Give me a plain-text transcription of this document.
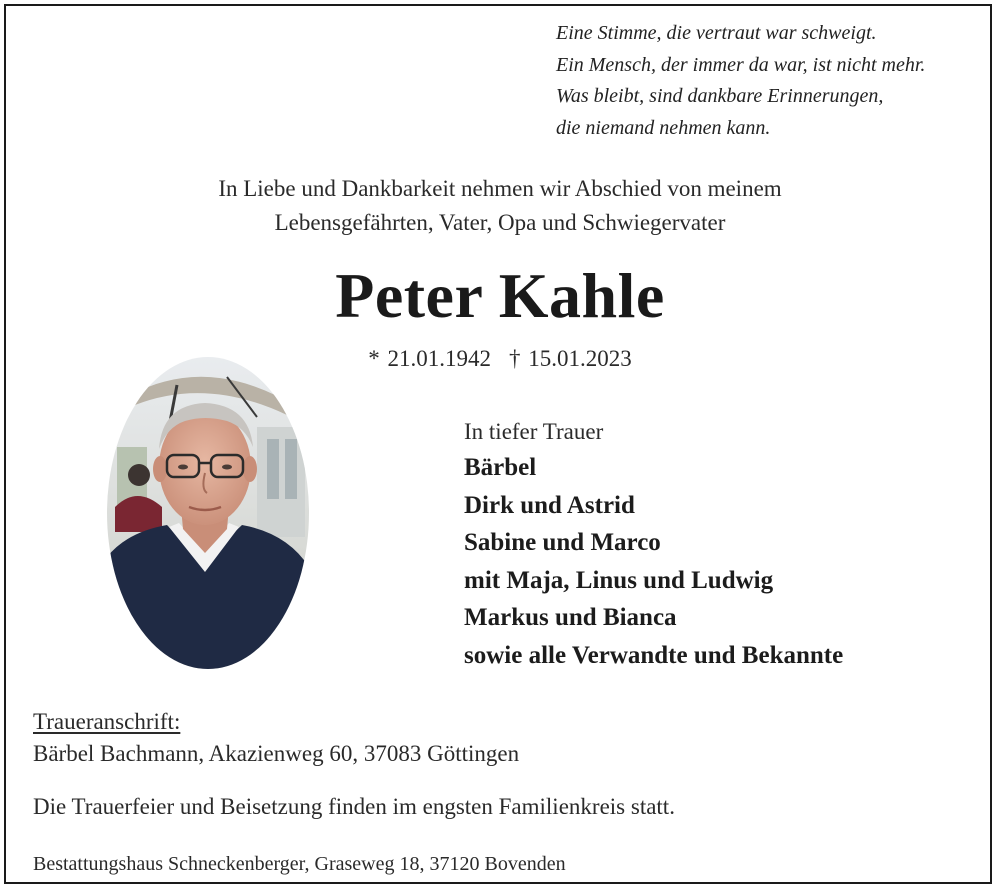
Eine Stimme, die vertraut war schweigt.
Ein Mensch, der immer da war, ist nicht mehr.
Was bleibt, sind dankbare Erinnerungen,
die niemand nehmen kann.
In Liebe und Dankbarkeit nehmen wir Abschied von meinem
Lebensgefährten, Vater, Opa und Schwiegervater
Peter Kahle
* 21.01.1942 † 15.01.2023
In tiefer Trauer
Bärbel
Dirk und Astrid
Sabine und Marco
mit Maja, Linus und Ludwig
Markus und Bianca
sowie alle Verwandte und Bekannte
Traueranschrift:
Bärbel Bachmann, Akazienweg 60, 37083 Göttingen
Die Trauerfeier und Beisetzung finden im engsten Familienkreis statt.
Bestattungshaus Schneckenberger, Graseweg 18, 37120 Bovenden
